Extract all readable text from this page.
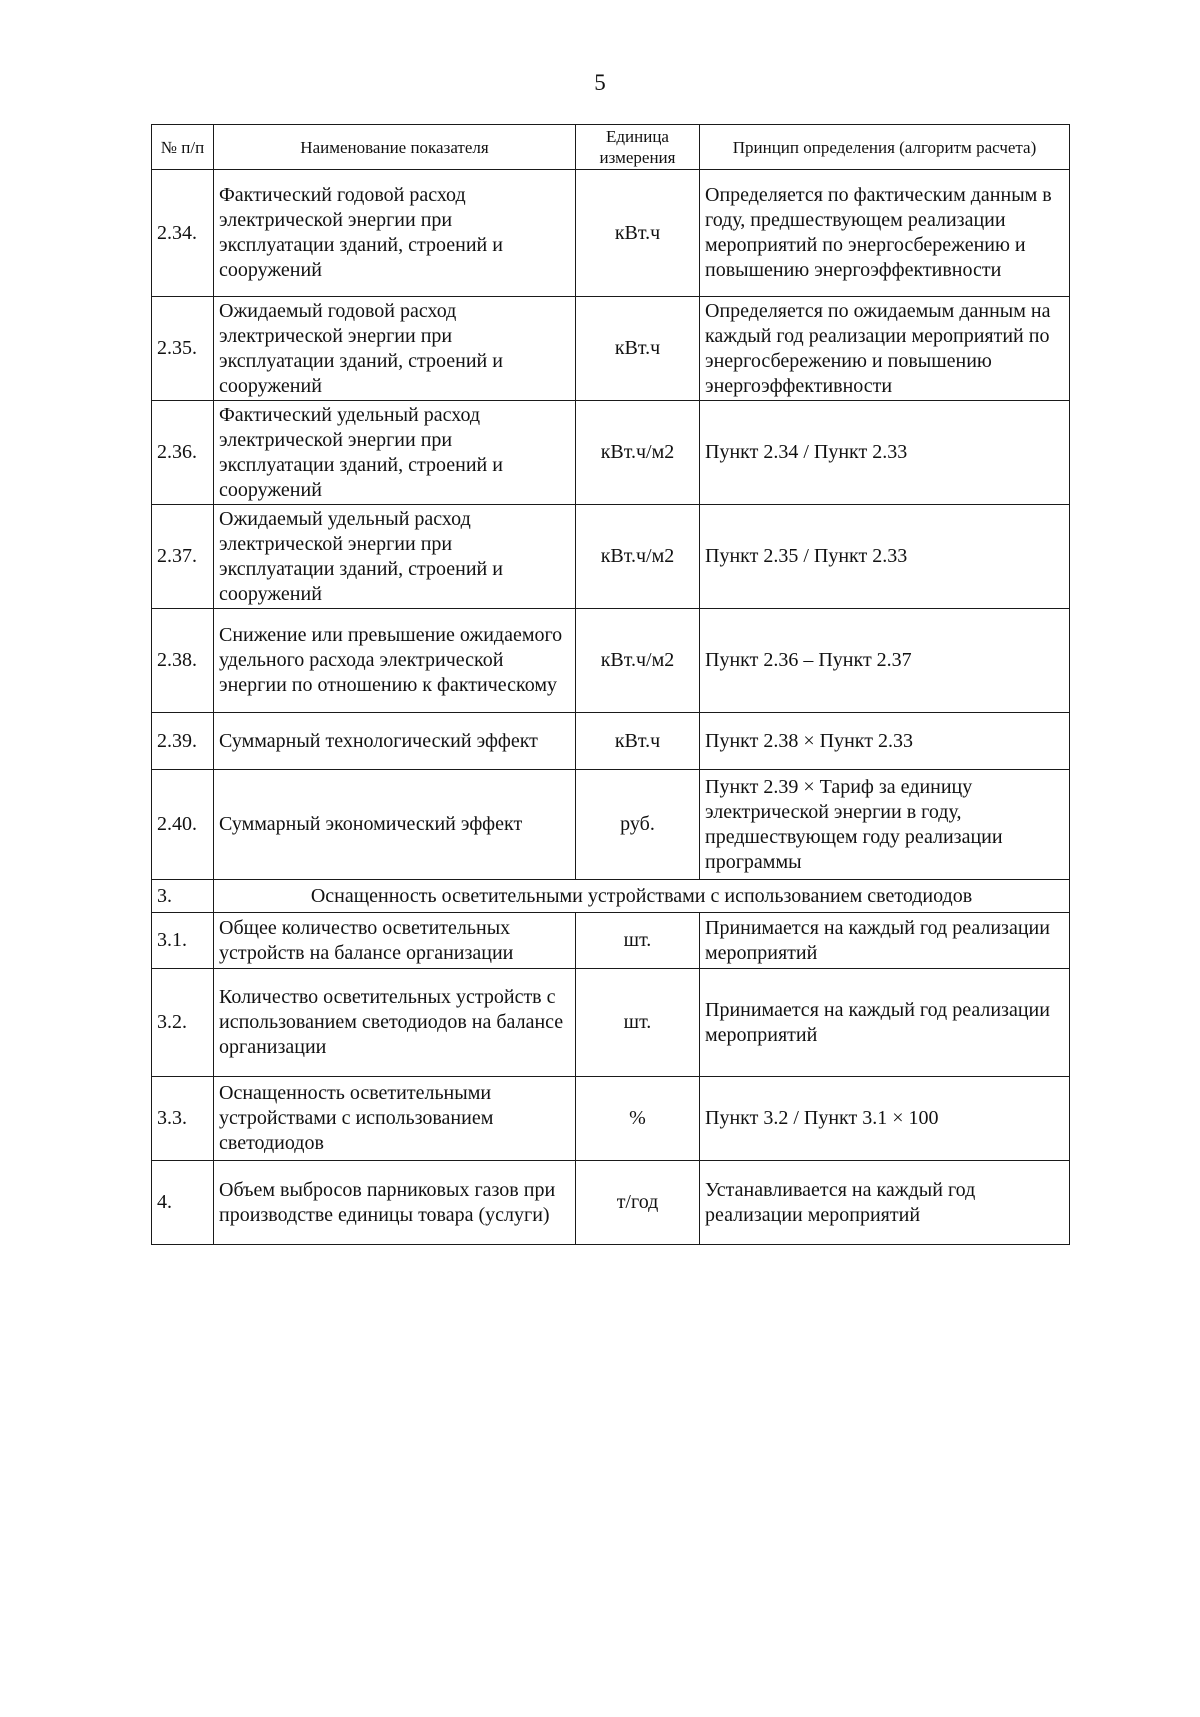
5
№ п/п	Наименование показателя	Единица измерения	Принцип определения (алгоритм расчета)
2.34.	Фактический годовой расход электрической энергии при эксплуатации зданий, строений и сооружений	кВт.ч	Определяется по фактическим данным в году, предшествующем реализации мероприятий по энергосбережению и повышению энергоэффективности
2.35.	Ожидаемый годовой расход электрической энергии при эксплуатации зданий, строений и сооружений	кВт.ч	Определяется по ожидаемым данным на каждый год реализации мероприятий по энергосбережению и повышению энергоэффективности
2.36.	Фактический удельный расход электрической энергии при эксплуатации зданий, строений и сооружений	кВт.ч/м2	Пункт 2.34 / Пункт 2.33
2.37.	Ожидаемый удельный расход электрической энергии при эксплуатации зданий, строений и сооружений	кВт.ч/м2	Пункт 2.35 / Пункт 2.33
2.38.	Снижение или превышение ожидаемого удельного расхода электрической энергии по отношению к фактическому	кВт.ч/м2	Пункт 2.36 – Пункт 2.37
2.39.	Суммарный технологический эффект	кВт.ч	Пункт 2.38 × Пункт 2.33
2.40.	Суммарный экономический эффект	руб.	Пункт 2.39 × Тариф за единицу электрической энергии в году, предшествующем году реализации программы
3.	Оснащенность осветительными устройствами с использованием светодиодов		
3.1.	Общее количество осветительных устройств на балансе организации	шт.	Принимается на каждый год реализации мероприятий
3.2.	Количество осветительных устройств с использованием светодиодов на балансе организации	шт.	Принимается на каждый год реализации мероприятий
3.3.	Оснащенность осветительными устройствами с использованием светодиодов	%	Пункт 3.2 / Пункт 3.1 × 100
4.	Объем выбросов парниковых газов при производстве единицы товара (услуги)	т/год	Устанавливается на каждый год реализации мероприятий
